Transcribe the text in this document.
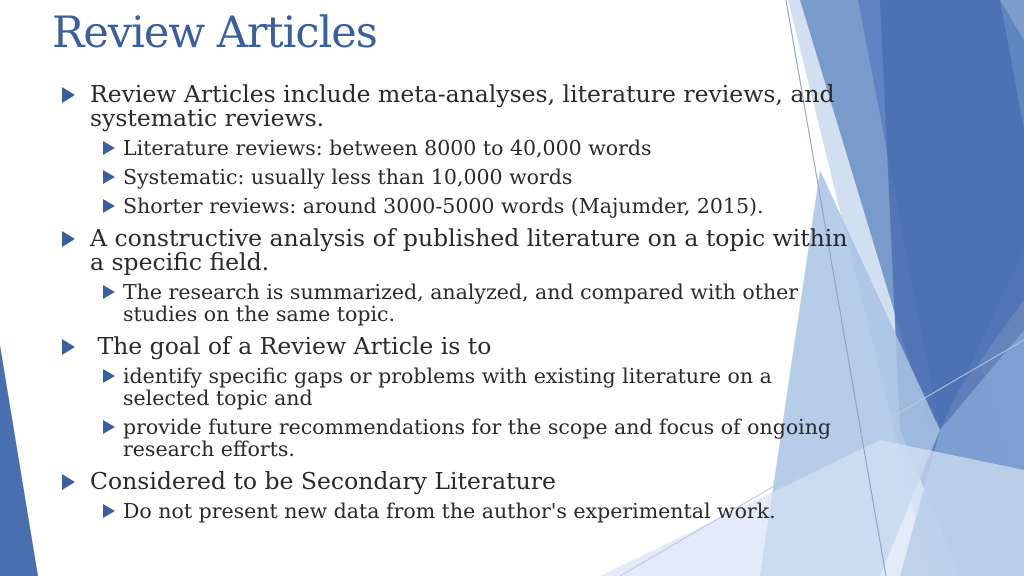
Review Articles
Review Articles include meta-analyses, literature reviews, and systematic reviews.
Literature reviews: between 8000 to 40,000 words
Systematic: usually less than 10,000 words
Shorter reviews: around 3000-5000 words (Majumder, 2015).
A constructive analysis of published literature on a topic within a specific field.
The research is summarized, analyzed, and compared with other studies on the same topic.
The goal of a Review Article is to
identify specific gaps or problems with existing literature on a selected topic and
provide future recommendations for the scope and focus of ongoing research efforts.
Considered to be Secondary Literature
Do not present new data from the author's experimental work.
